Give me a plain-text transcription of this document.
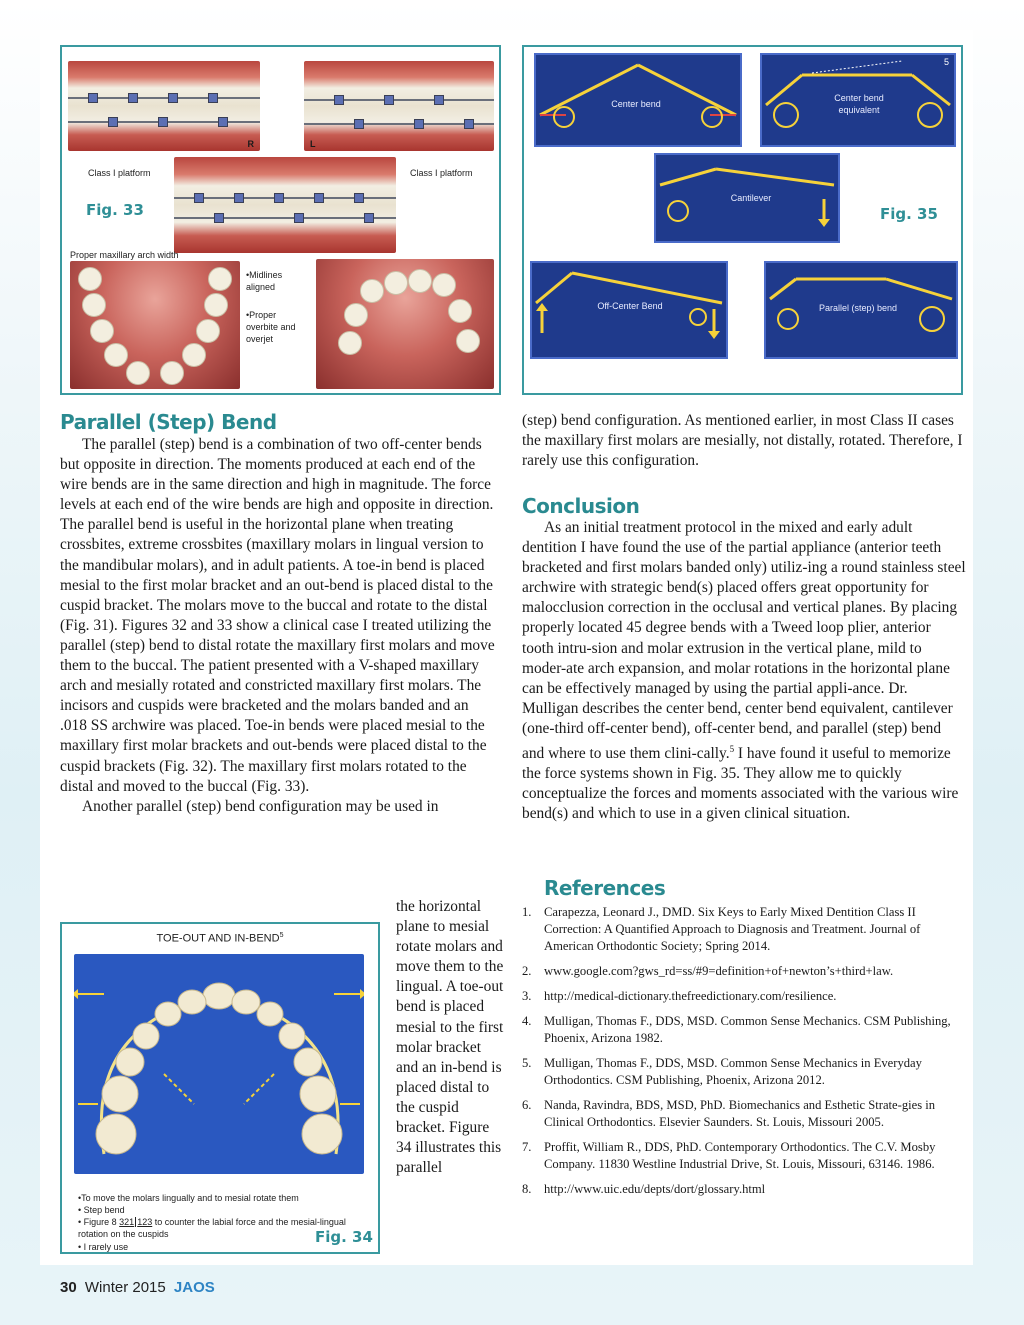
R	L
Class I platform	Class I platform
Fig. 33
Proper maxillary arch width
•Midlines aligned
•Proper overbite and overjet
5
Center bend
Center bend equivalent
Cantilever
Fig. 35
Off-Center Bend	Parallel (step) bend
Parallel (Step) Bend

The parallel (step) bend is a combination of two off-center bends but opposite in direction. The moments produced at each end of the wire bends are in the same direction and high in magnitude. The force levels at each end of the wire bends are high and opposite in direction. The parallel bend is useful in the horizontal plane when treating crossbites, extreme crossbites (maxillary molars in lingual version to the mandibular molars), and in adult patients. A toe-in bend is placed mesial to the first molar bracket and an out-bend is placed distal to the cuspid bracket. The molars move to the buccal and rotate to the distal (Fig. 31). Figures 32 and 33 show a clinical case I treated utilizing the parallel (step) bend to distal rotate the maxillary first molars and move them to the buccal. The patient presented with a V-shaped maxillary arch and mesially rotated and constricted maxillary first molars. The incisors and cuspids were bracketed and the molars banded and an .018 SS archwire was placed. Toe-in bends were placed mesial to the maxillary first molar brackets and out-bends were placed distal to the cuspid brackets (Fig. 32). The maxillary first molars rotated to the distal and moved to the buccal (Fig. 33).

Another parallel (step) bend configuration may be used in

TOE-OUT AND IN-BEND$^5$
•To move the molars lingually and to mesial rotate them
• Step bend
• Figure 8 321 123 to counter the labial force and the mesial-lingual rotation on the cuspids
• I rarely use
Fig. 34
the horizontal plane to mesial rotate molars and move them to the lingual. A toe-out bend is placed mesial to the first molar bracket and an in-bend is placed distal to the cuspid bracket. Figure 34 illustrates this parallel
(step) bend configuration. As mentioned earlier, in most Class II cases the maxillary first molars are mesially, not distally, rotated. Therefore, I rarely use this configuration.
Conclusion

As an initial treatment protocol in the mixed and early adult dentition I have found the use of the partial appliance (anterior teeth bracketed and first molars banded only) utiliz-ing a round stainless steel archwire with strategic bend(s) placed offers great opportunity for malocclusion correction in the occlusal and vertical planes. By placing properly located 45 degree bends with a Tweed loop plier, anterior tooth intru-sion and molar extrusion in the vertical plane, mild to moder-ate arch expansion, and molar rotations in the horizontal plane can be effectively managed by using the partial appli-ance. Dr. Mulligan describes the center bend, center bend equivalent, cantilever (one-third off-center bend), off-center bend, and parallel (step) bend and where to use them clini-cally.$^5$ I have found it useful to memorize the force systems shown in Fig. 35. They allow me to quickly conceptualize the forces and moments associated with the various wire bend(s) and which to use in a given clinical situation.

References
1. Carapezza, Leonard J., DMD. Six Keys to Early Mixed Dentition Class II Correction: A Quantified Approach to Diagnosis and Treatment. Journal of American Orthodontic Society; Spring 2014.
2. www.google.com?gws_rd=ss/#9=definition+of+newton’s+third+law.
3. http://medical-dictionary.thefreedictionary.com/resilience.
4. Mulligan, Thomas F., DDS, MSD. Common Sense Mechanics. CSM Publishing, Phoenix, Arizona 1982.
5. Mulligan, Thomas F., DDS, MSD. Common Sense Mechanics in Everyday Orthodontics. CSM Publishing, Phoenix, Arizona 2012.
6. Nanda, Ravindra, BDS, MSD, PhD. Biomechanics and Esthetic Strate-gies in Clinical Orthodontics. Elsevier Saunders. St. Louis, Missouri 2005.
7. Proffit, William R., DDS, PhD. Contemporary Orthodontics. The C.V. Mosby Company. 11830 Westline Industrial Drive, St. Louis, Missouri, 63146. 1986.
8. http://www.uic.edu/depts/dort/glossary.html
30 Winter 2015 JAOS
